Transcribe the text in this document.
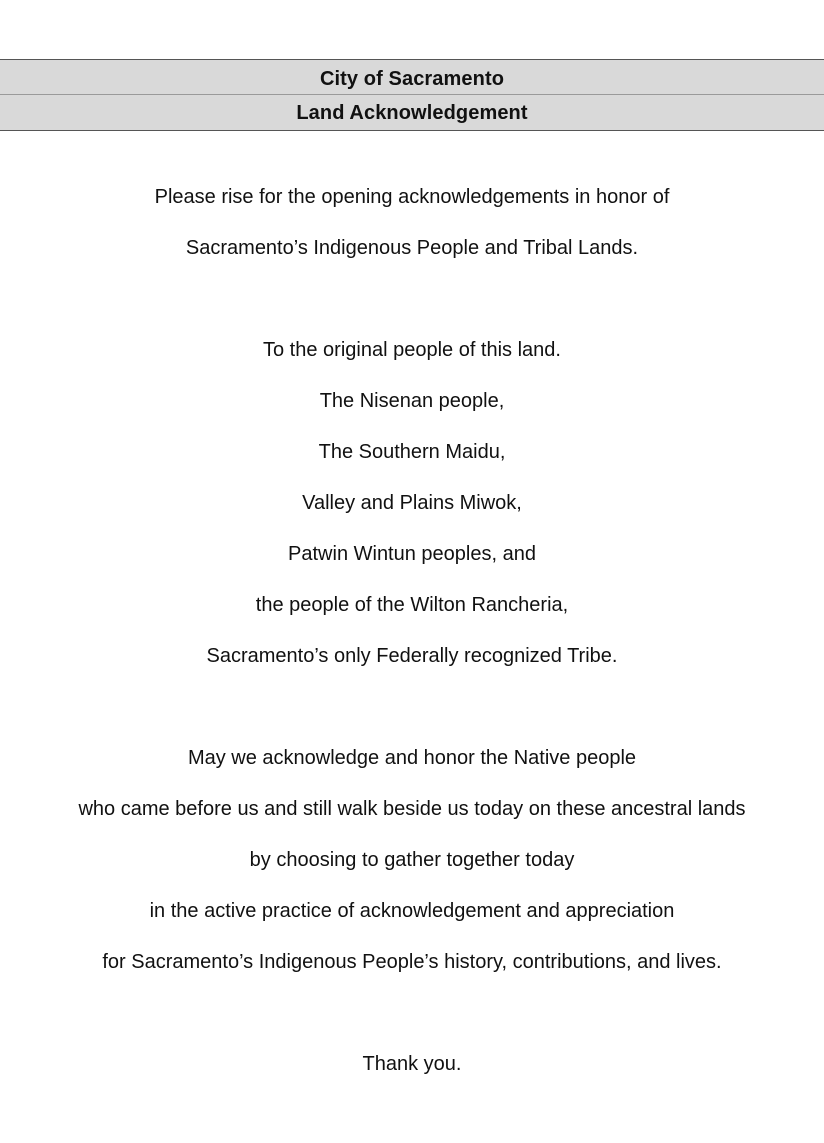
City of Sacramento
Land Acknowledgement

Please rise for the opening acknowledgements in honor of

Sacramento’s Indigenous People and Tribal Lands.

To the original people of this land.

The Nisenan people,

The Southern Maidu,

Valley and Plains Miwok,

Patwin Wintun peoples, and

the people of the Wilton Rancheria,

Sacramento’s only Federally recognized Tribe.

May we acknowledge and honor the Native people

who came before us and still walk beside us today on these ancestral lands

by choosing to gather together today

in the active practice of acknowledgement and appreciation

for Sacramento’s Indigenous People’s history, contributions, and lives.

Thank you.
